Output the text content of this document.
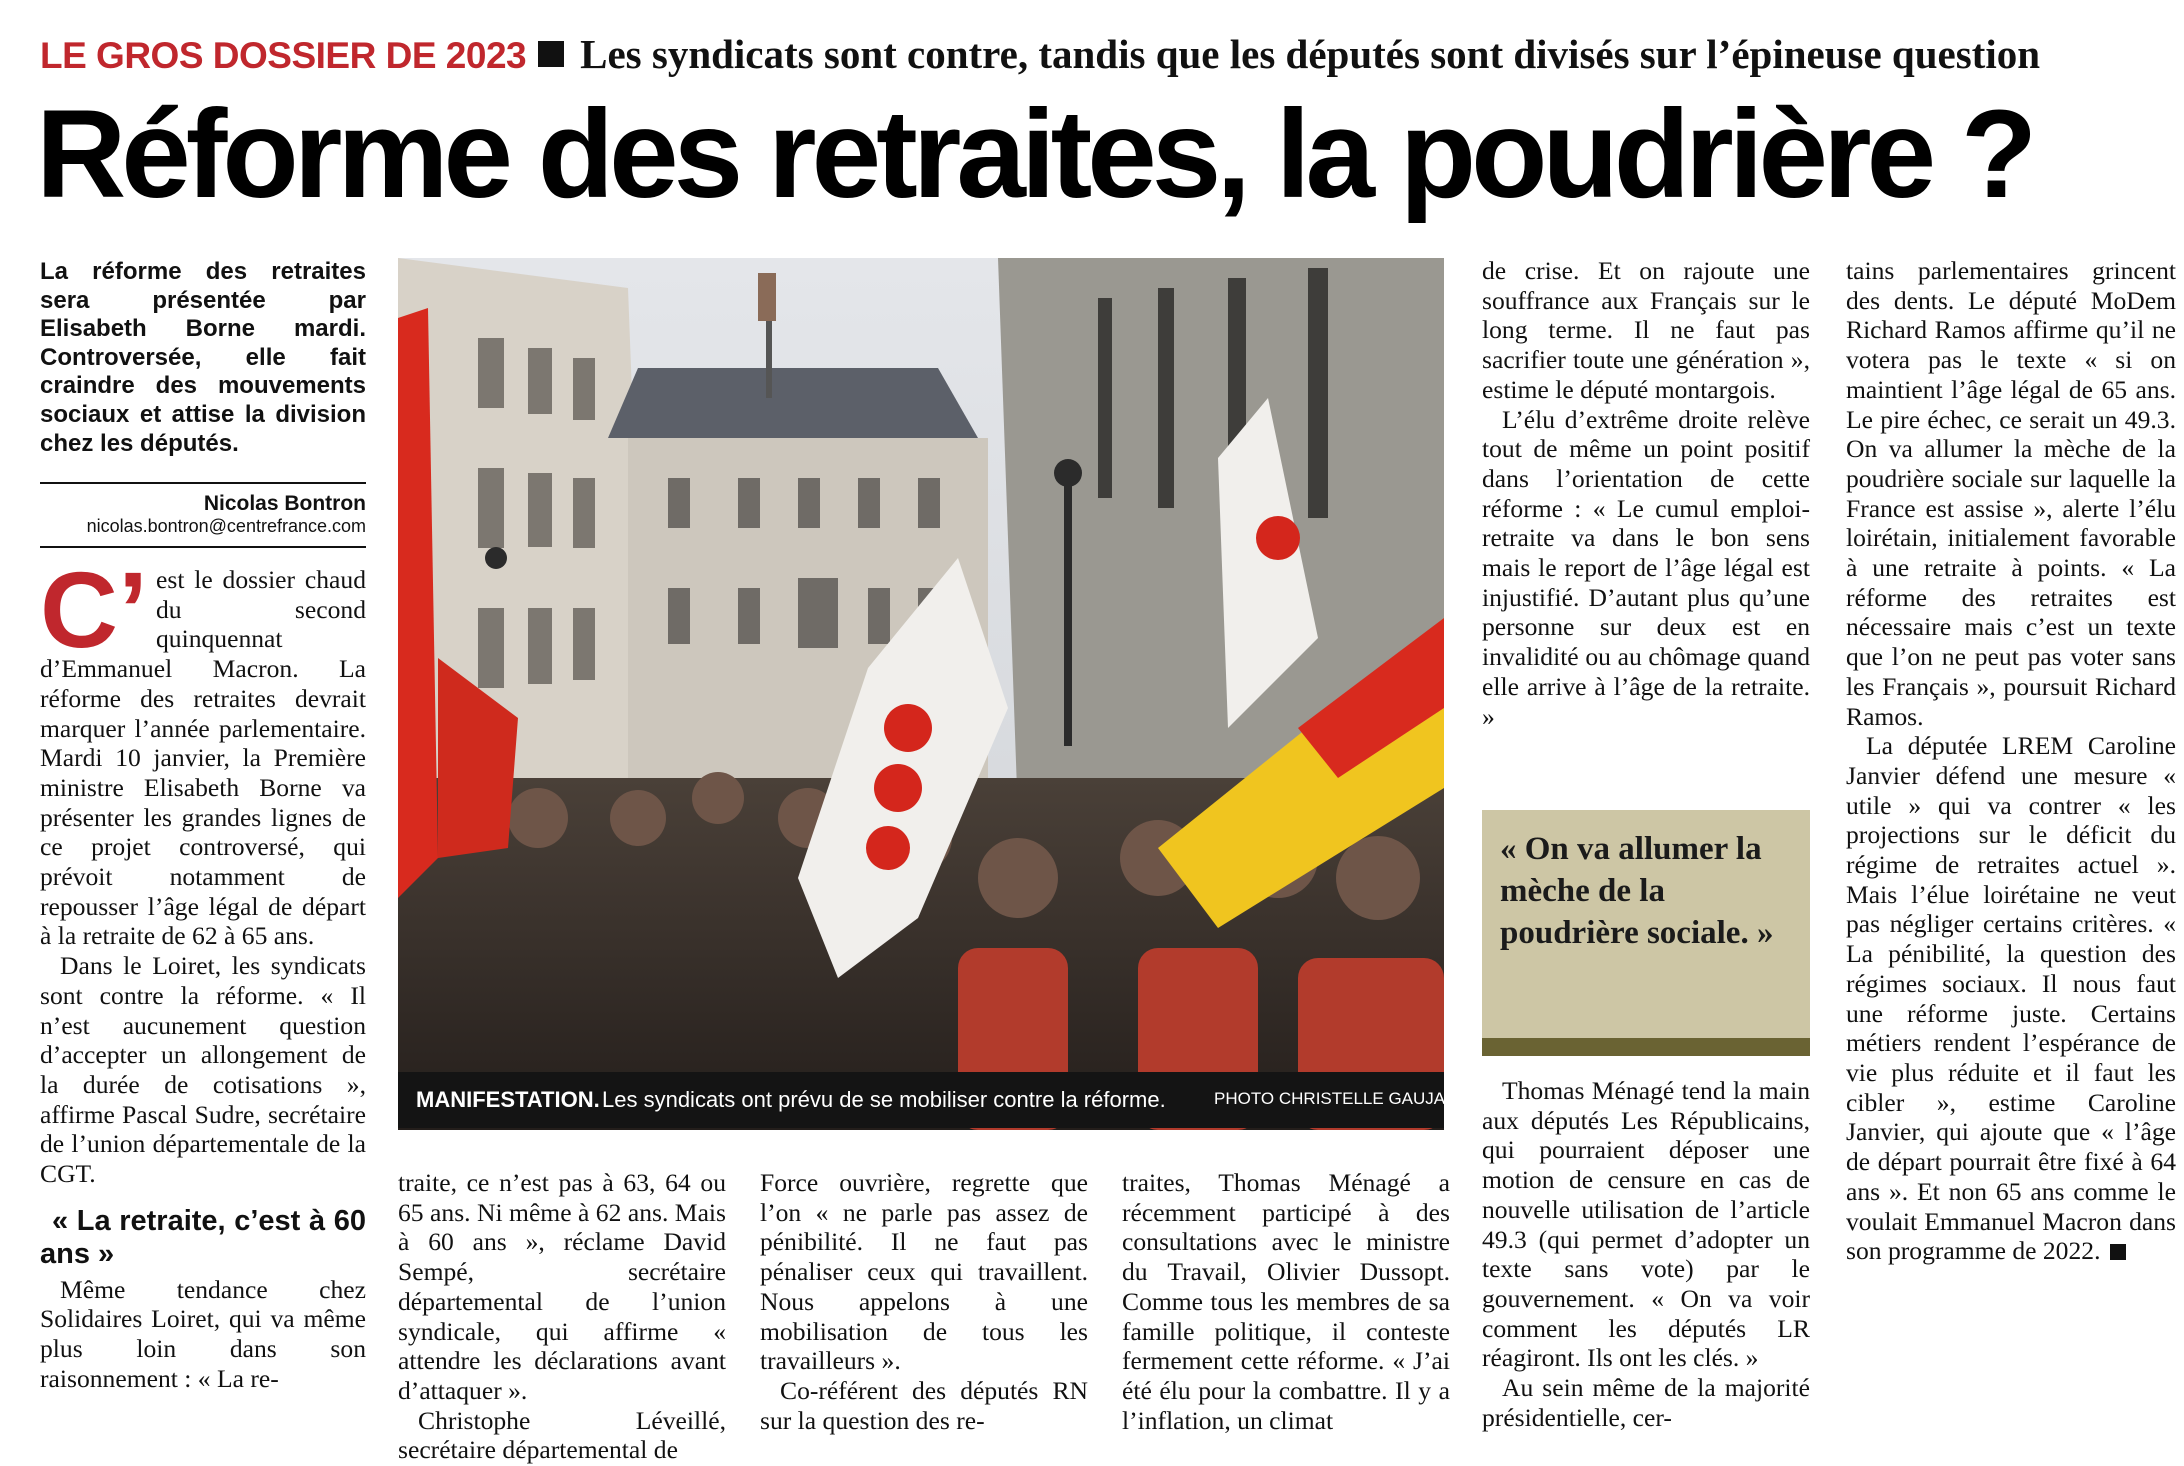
LE GROS DOSSIER DE 2023 Les syndicats sont contre, tandis que les députés sont divisés sur l’épineuse question
Réforme des retraites, la poudrière ?
La réforme des retraites sera présentée par Elisabeth Borne mardi. Controversée, elle fait craindre des mouvements sociaux et attise la division chez les députés.
Nicolas Bontron
nicolas.bontron@centrefrance.com

C’ est le dossier chaud du second quinquennat d’Emmanuel Macron. La réforme des retraites devrait marquer l’année parlementaire. Mardi 10 janvier, la Première ministre Elisabeth Borne va présenter les grandes lignes de ce projet controversé, qui prévoit notamment de repousser l’âge légal de départ à la retraite de 62 à 65 ans.

Dans le Loiret, les syndicats sont contre la réforme. « Il n’est aucunement question d’accepter un allongement de la durée de cotisations », affirme Pascal Sudre, secrétaire de l’union départementale de la CGT.

« La retraite, c’est à 60 ans »

Même tendance chez Solidaires Loiret, qui va même plus loin dans son raisonnement : « La re-

MANIFESTATION. Les syndicats ont prévu de se mobiliser contre la réforme.	PHOTO CHRISTELLE GAUJARD

traite, ce n’est pas à 63, 64 ou 65 ans. Ni même à 62 ans. Mais à 60 ans », réclame David Sempé, secrétaire départemental de l’union syndicale, qui affirme « attendre les déclarations avant d’attaquer ».

Christophe Léveillé, secrétaire départemental de

Force ouvrière, regrette que l’on « ne parle pas assez de pénibilité. Il ne faut pas pénaliser ceux qui travaillent. Nous appelons à une mobilisation de tous les travailleurs ».

Co-référent des députés RN sur la question des re-

traites, Thomas Ménagé a récemment participé à des consultations avec le ministre du Travail, Olivier Dussopt. Comme tous les membres de sa famille politique, il conteste fermement cette réforme. « J’ai été élu pour la combattre. Il y a l’inflation, un climat

de crise. Et on rajoute une souffrance aux Français sur le long terme. Il ne faut pas sacrifier toute une génération », estime le député montargois.

L’élu d’extrême droite relève tout de même un point positif dans l’orientation de cette réforme : « Le cumul emploi-retraite va dans le bon sens mais le report de l’âge légal est injustifié. D’autant plus qu’une personne sur deux est en invalidité ou au chômage quand elle arrive à l’âge de la retraite. »

« On va allumer la mèche de la poudrière sociale. »

Thomas Ménagé tend la main aux députés Les Républicains, qui pourraient déposer une motion de censure en cas de nouvelle utilisation de l’article 49.3 (qui permet d’adopter un texte sans vote) par le gouvernement. « On va voir comment les députés LR réagiront. Ils ont les clés. »

Au sein même de la majorité présidentielle, cer-

tains parlementaires grincent des dents. Le député MoDem Richard Ramos affirme qu’il ne votera pas le texte « si on maintient l’âge légal de 65 ans. Le pire échec, ce serait un 49.3. On va allumer la mèche de la poudrière sociale sur laquelle la France est assise », alerte l’élu loirétain, initialement favorable à une retraite à points. « La réforme des retraites est nécessaire mais c’est un texte que l’on ne peut pas voter sans les Français », poursuit Richard Ramos.

La députée LREM Caroline Janvier défend une mesure « utile » qui va contrer « les projections sur le déficit du régime de retraites actuel ». Mais l’élue loirétaine ne veut pas négliger certains critères. « La pénibilité, la question des régimes sociaux. Il nous faut une réforme juste. Certains métiers rendent l’espérance de vie plus réduite et il faut les cibler », estime Caroline Janvier, qui ajoute que « l’âge de départ pourrait être fixé à 64 ans ». Et non 65 ans comme le voulait Emmanuel Macron dans son programme de 2022.
